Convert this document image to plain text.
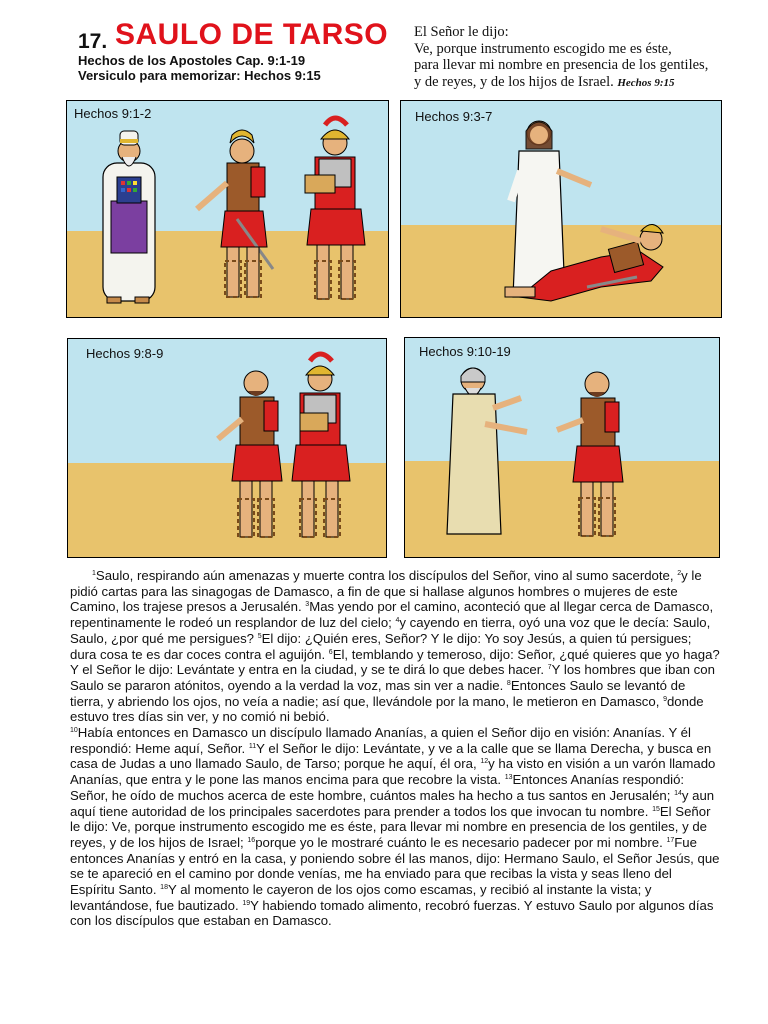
17. SAULO DE TARSO
Hechos de los Apostoles Cap. 9:1-19
Versiculo para memorizar: Hechos 9:15
El Señor le dijo:
Ve, porque instrumento escogido me es éste,
para llevar mi nombre en presencia de los gentiles,
y de reyes, y de los hijos de Israel. Hechos 9:15
Hechos 9:1-2	Hechos 9:3-7
Hechos 9:8-9	Hechos 9:10-19

$^1$Saulo, respirando aún amenazas y muerte contra los discípulos del Señor, vino al sumo sacerdote, $^2$y le pidió cartas para las sinagogas de Damasco, a fin de que si hallase algunos hombres o mujeres de este Camino, los trajese presos a Jerusalén. $^3$Mas yendo por el camino, aconteció que al llegar cerca de Damasco, repentinamente le rodeó un resplandor de luz del cielo; $^4$y cayendo en tierra, oyó una voz que le decía: Saulo, Saulo, ¿por qué me persigues? $^5$El dijo: ¿Quién eres, Señor? Y le dijo: Yo soy Jesús, a quien tú persigues; dura cosa te es dar coces contra el aguijón. $^6$El, temblando y temeroso, dijo: Señor, ¿qué quieres que yo haga? Y el Señor le dijo: Levántate y entra en la ciudad, y se te dirá lo que debes hacer. $^7$Y los hombres que iban con Saulo se pararon atónitos, oyendo a la verdad la voz, mas sin ver a nadie. $^8$Entonces Saulo se levantó de tierra, y abriendo los ojos, no veía a nadie; así que, llevándole por la mano, le metieron en Damasco, $^9$donde estuvo tres días sin ver, y no comió ni bebió.

$^{10}$Había entonces en Damasco un discípulo llamado Ananías, a quien el Señor dijo en visión: Ananías. Y él respondió: Heme aquí, Señor. $^{11}$Y el Señor le dijo: Levántate, y ve a la calle que se llama Derecha, y busca en casa de Judas a uno llamado Saulo, de Tarso; porque he aquí, él ora, $^{12}$y ha visto en visión a un varón llamado Ananías, que entra y le pone las manos encima para que recobre la vista. $^{13}$Entonces Ananías respondió: Señor, he oído de muchos acerca de este hombre, cuántos males ha hecho a tus santos en Jerusalén; $^{14}$y aun aquí tiene autoridad de los principales sacerdotes para prender a todos los que invocan tu nombre. $^{15}$El Señor le dijo: Ve, porque instrumento escogido me es éste, para llevar mi nombre en presencia de los gentiles, y de reyes, y de los hijos de Israel; $^{16}$porque yo le mostraré cuánto le es necesario padecer por mi nombre. $^{17}$Fue entonces Ananías y entró en la casa, y poniendo sobre él las manos, dijo: Hermano Saulo, el Señor Jesús, que se te apareció en el camino por donde venías, me ha enviado para que recibas la vista y seas lleno del Espíritu Santo. $^{18}$Y al momento le cayeron de los ojos como escamas, y recibió al instante la vista; y levantándose, fue bautizado. $^{19}$Y habiendo tomado alimento, recobró fuerzas. Y estuvo Saulo por algunos días con los discípulos que estaban en Damasco.
